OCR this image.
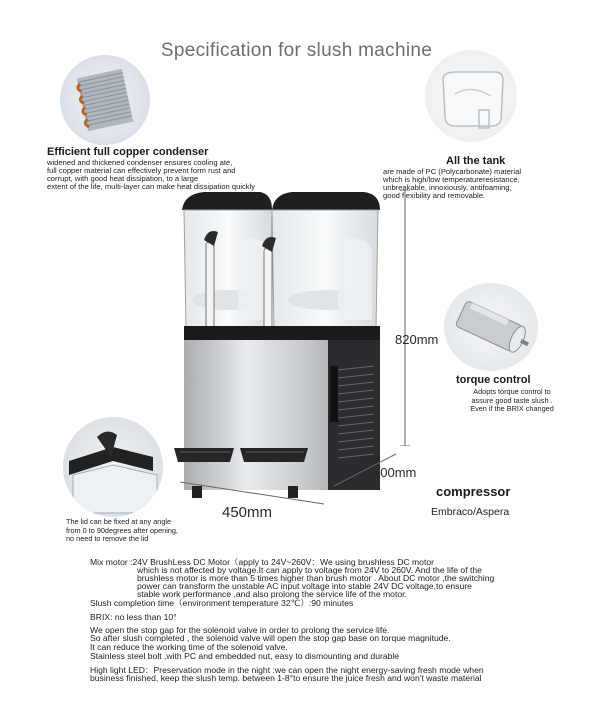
Specification for slush machine
Efficient full copper condenser
widened and thickened condenser ensures cooling ate,
full copper material can effectively prevent form rust and
corrupt, with good heat dissipation, to a large
extent of the life, multi-layer can make heat dissipation quickly
All the tank
are made of PC (Polycarbonate) material
which is high/low temperatureresistance,
unbreakable, innoxiously, antifoaming,
good flexibility and removable.
820mm
500mm
450mm
torque control
Adopts torque control to
assure good taste slush .
Even if the BRIX changed
compressor
Embraco/Aspera
The lid can be fixed at any angle
from 0 to 90degrees after opening,
no need to remove the lid
Mix motor :24V BrushLess DC Motor（apply to 24V~260V：We using brushless DC motor
which is not affected by voltage.It can apply to voltage from 24V to 260V. And the life of the
brushless motor is more than 5 times higher than brush motor . About DC motor ,the switching
power can transform the unstable AC input voltage into stable 24V DC voltage,to ensure
stable work performance ,and also prolong the service life of the motor.
Slush completion time（environment temperature 32℃）:90 minutes
BRIX: no less than 10°
We open the stop gap for the solenoid valve in order to prolong the service life.
So after slush completed , the solenoid valve will open the stop gap base on torque magnitude.
It can reduce the working time of the solenoid valve.
Stainless steel bolt ,with PC and embedded nut, easy to dismounting and durable
High light LED：Preservation mode in the night :we can open the night energy-saving fresh mode when
business finished, keep the slush temp. between 1-8°to ensure the juice fresh and won't waste material
